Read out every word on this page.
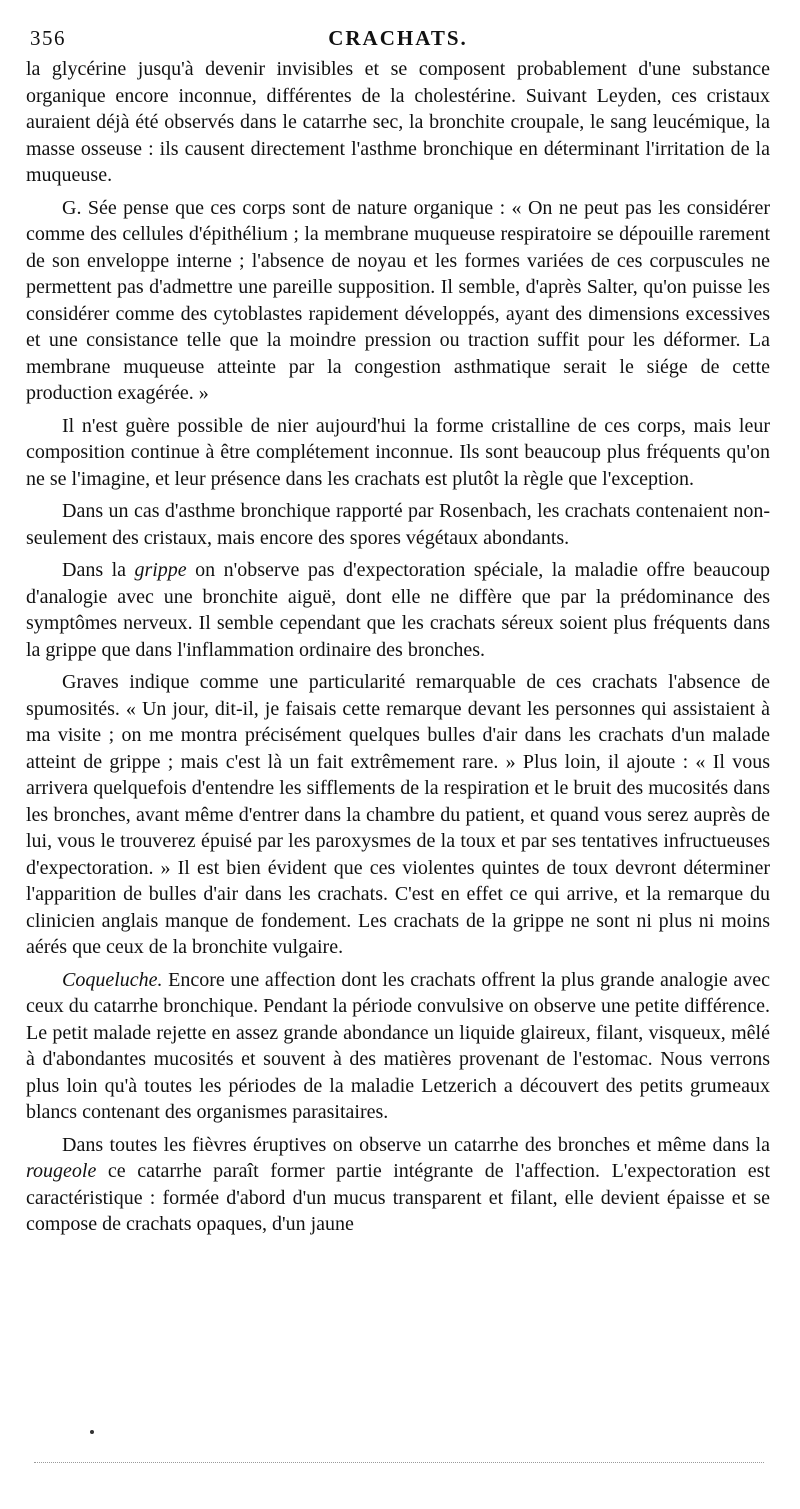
356	CRACHATS.

la glycérine jusqu'à devenir invisibles et se composent probablement d'une substance organique encore inconnue, différentes de la cholestérine. Suivant Leyden, ces cristaux auraient déjà été observés dans le catarrhe sec, la bronchite croupale, le sang leucémique, la masse osseuse : ils causent directement l'asthme bronchique en déterminant l'irritation de la muqueuse.

G. Sée pense que ces corps sont de nature organique : « On ne peut pas les considérer comme des cellules d'épithélium ; la membrane muqueuse respiratoire se dépouille rarement de son enveloppe interne ; l'absence de noyau et les formes variées de ces corpuscules ne permettent pas d'admettre une pareille supposition. Il semble, d'après Salter, qu'on puisse les considérer comme des cytoblastes rapidement développés, ayant des dimensions excessives et une consistance telle que la moindre pression ou traction suffit pour les déformer. La membrane muqueuse atteinte par la congestion asthmatique serait le siége de cette production exagérée. »

Il n'est guère possible de nier aujourd'hui la forme cristalline de ces corps, mais leur composition continue à être complétement inconnue. Ils sont beaucoup plus fréquents qu'on ne se l'imagine, et leur présence dans les crachats est plutôt la règle que l'exception.

Dans un cas d'asthme bronchique rapporté par Rosenbach, les crachats contenaient non-seulement des cristaux, mais encore des spores végétaux abondants.

Dans la grippe on n'observe pas d'expectoration spéciale, la maladie offre beaucoup d'analogie avec une bronchite aiguë, dont elle ne diffère que par la prédominance des symptômes nerveux. Il semble cependant que les crachats séreux soient plus fréquents dans la grippe que dans l'inflammation ordinaire des bronches.

Graves indique comme une particularité remarquable de ces crachats l'absence de spumosités. « Un jour, dit-il, je faisais cette remarque devant les personnes qui assistaient à ma visite ; on me montra précisément quelques bulles d'air dans les crachats d'un malade atteint de grippe ; mais c'est là un fait extrêmement rare. » Plus loin, il ajoute : « Il vous arrivera quelquefois d'entendre les sifflements de la respiration et le bruit des mucosités dans les bronches, avant même d'entrer dans la chambre du patient, et quand vous serez auprès de lui, vous le trouverez épuisé par les paroxysmes de la toux et par ses tentatives infructueuses d'expectoration. » Il est bien évident que ces violentes quintes de toux devront déterminer l'apparition de bulles d'air dans les crachats. C'est en effet ce qui arrive, et la remarque du clinicien anglais manque de fondement. Les crachats de la grippe ne sont ni plus ni moins aérés que ceux de la bronchite vulgaire.

Coqueluche. Encore une affection dont les crachats offrent la plus grande analogie avec ceux du catarrhe bronchique. Pendant la période convulsive on observe une petite différence. Le petit malade rejette en assez grande abondance un liquide glaireux, filant, visqueux, mêlé à d'abondantes mucosités et souvent à des matières provenant de l'estomac. Nous verrons plus loin qu'à toutes les périodes de la maladie Letzerich a découvert des petits grumeaux blancs contenant des organismes parasitaires.

Dans toutes les fièvres éruptives on observe un catarrhe des bronches et même dans la rougeole ce catarrhe paraît former partie intégrante de l'affection. L'expectoration est caractéristique : formée d'abord d'un mucus transparent et filant, elle devient épaisse et se compose de crachats opaques, d'un jaune
